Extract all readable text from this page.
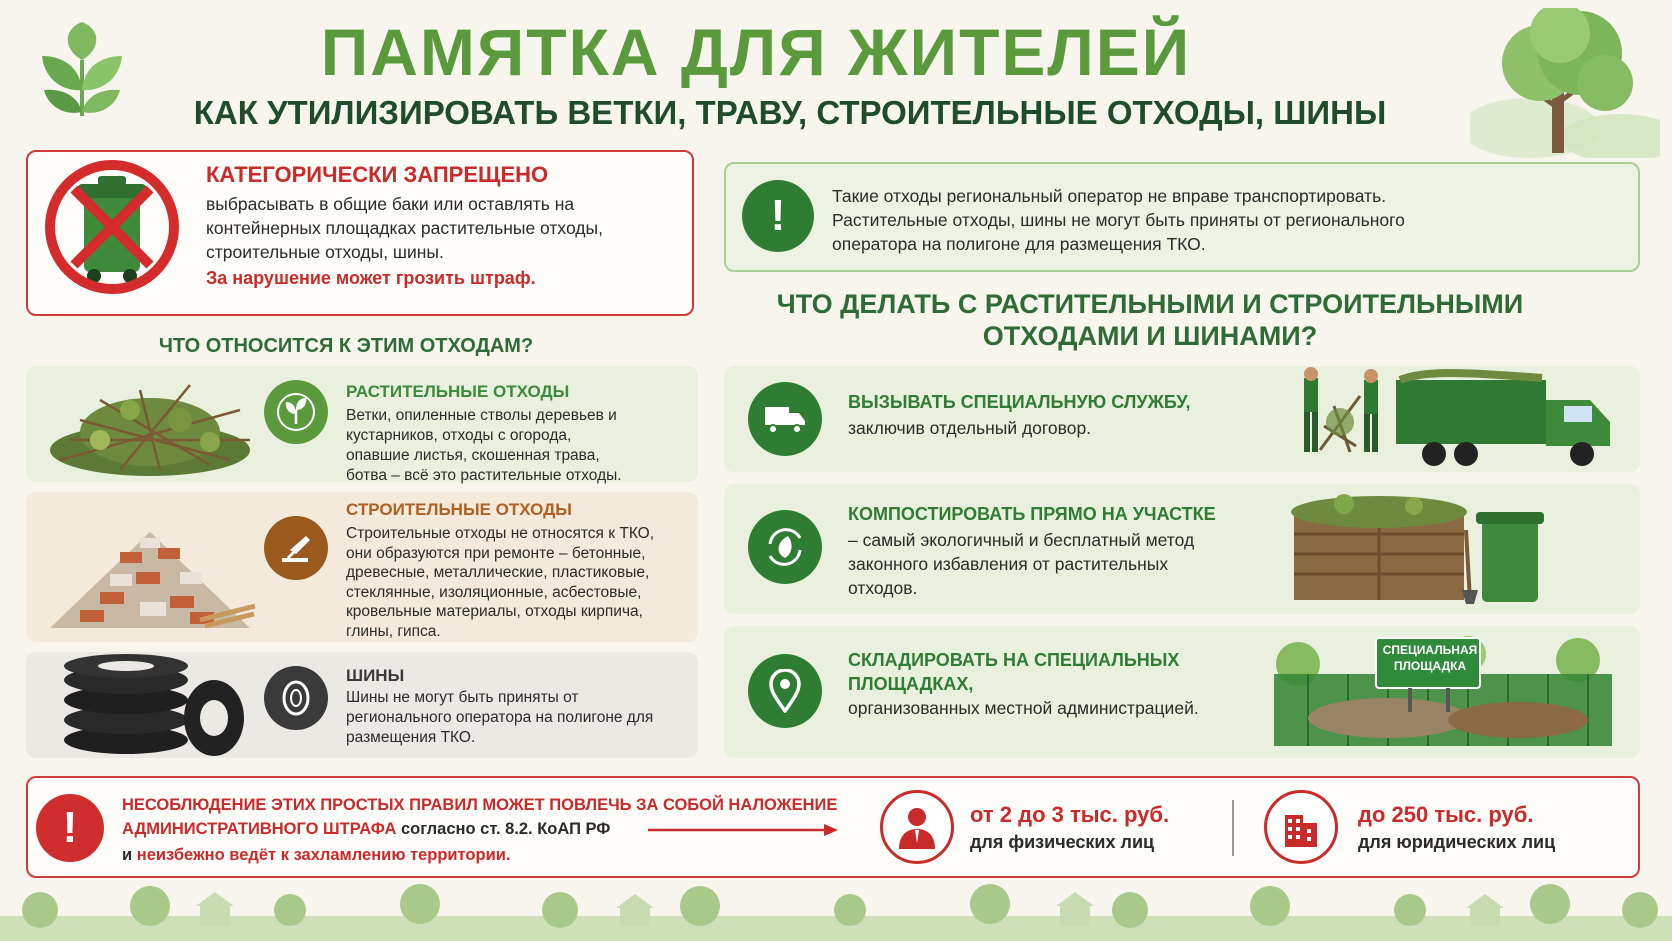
ПАМЯТКА ДЛЯ ЖИТЕЛЕЙ
КАК УТИЛИЗИРОВАТЬ ВЕТКИ, ТРАВУ, СТРОИТЕЛЬНЫЕ ОТХОДЫ, ШИНЫ
КАТЕГОРИЧЕСКИ ЗАПРЕЩЕНО
выбрасывать в общие баки или оставлять на контейнерных площадках растительные отходы, строительные отходы, шины.
За нарушение может грозить штраф.
!	Такие отходы региональный оператор не вправе транспортировать. Растительные отходы, шины не могут быть приняты от регионального оператора на полигоне для размещения ТКО.
ЧТО ОТНОСИТСЯ К ЭТИМ ОТХОДАМ?
РАСТИТЕЛЬНЫЕ ОТХОДЫ
Ветки, опиленные стволы деревьев и кустарников, отходы с огорода, опавшие листья, скошенная трава, ботва – всё это растительные отходы.
СТРОИТЕЛЬНЫЕ ОТХОДЫ
Строительные отходы не относятся к ТКО, они образуются при ремонте – бетонные, древесные, металлические, пластиковые, стеклянные, изоляционные, асбестовые, кровельные материалы, отходы кирпича, глины, гипса.
ШИНЫ
Шины не могут быть приняты от регионального оператора на полигоне для размещения ТКО.
ЧТО ДЕЛАТЬ С РАСТИТЕЛЬНЫМИ И СТРОИТЕЛЬНЫМИ ОТХОДАМИ И ШИНАМИ?
ВЫЗЫВАТЬ СПЕЦИАЛЬНУЮ СЛУЖБУ,
заключив отдельный договор.
КОМПОСТИРОВАТЬ ПРЯМО НА УЧАСТКЕ
– самый экологичный и бесплатный метод законного избавления от растительных отходов.
СКЛАДИРОВАТЬ НА СПЕЦИАЛЬНЫХ ПЛОЩАДКАХ,
организованных местной администрацией.
СПЕЦИАЛЬНАЯ ПЛОЩАДКА
!	НЕСОБЛЮДЕНИЕ ЭТИХ ПРОСТЫХ ПРАВИЛ МОЖЕТ ПОВЛЕЧЬ ЗА СОБОЙ НАЛОЖЕНИЕ
АДМИНИСТРАТИВНОГО ШТРАФА согласно ст. 8.2. КоАП РФ
и неизбежно ведёт к захламлению территории.
от 2 до 3 тыс. руб.
для физических лиц
до 250 тыс. руб.
для юридических лиц
